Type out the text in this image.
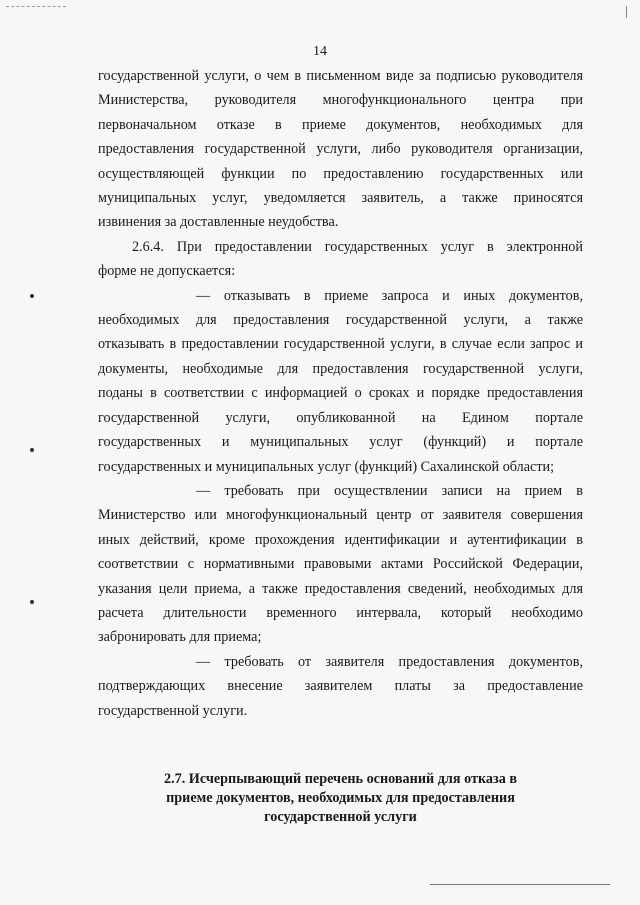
14

государственной услуги, о чем в письменном виде за подписью руководителя
Министерства, руководителя многофункционального центра при
первоначальном отказе в приеме документов, необходимых для
предоставления государственной услуги, либо руководителя организации,
осуществляющей функции по предоставлению государственных или
муниципальных услуг, уведомляется заявитель, а также приносятся
извинения за доставленные неудобства.

2.6.4. При предоставлении государственных услуг в электронной
форме не допускается:

— отказывать в приеме запроса и иных документов,
необходимых для предоставления государственной услуги, а также
отказывать в предоставлении государственной услуги, в случае если запрос и
документы, необходимые для предоставления государственной услуги,
поданы в соответствии с информацией о сроках и порядке предоставления
государственной услуги, опубликованной на Едином портале
государственных и муниципальных услуг (функций) и портале
государственных и муниципальных услуг (функций) Сахалинской области;

— требовать при осуществлении записи на прием в
Министерство или многофункциональный центр от заявителя совершения
иных действий, кроме прохождения идентификации и аутентификации в
соответствии с нормативными правовыми актами Российской Федерации,
указания цели приема, а также предоставления сведений, необходимых для
расчета длительности временного интервала, который необходимо
забронировать для приема;

— требовать от заявителя предоставления документов,
подтверждающих внесение заявителем платы за предоставление
государственной услуги.

2.7. Исчерпывающий перечень оснований для отказа в
приеме документов, необходимых для предоставления
государственной услуги
